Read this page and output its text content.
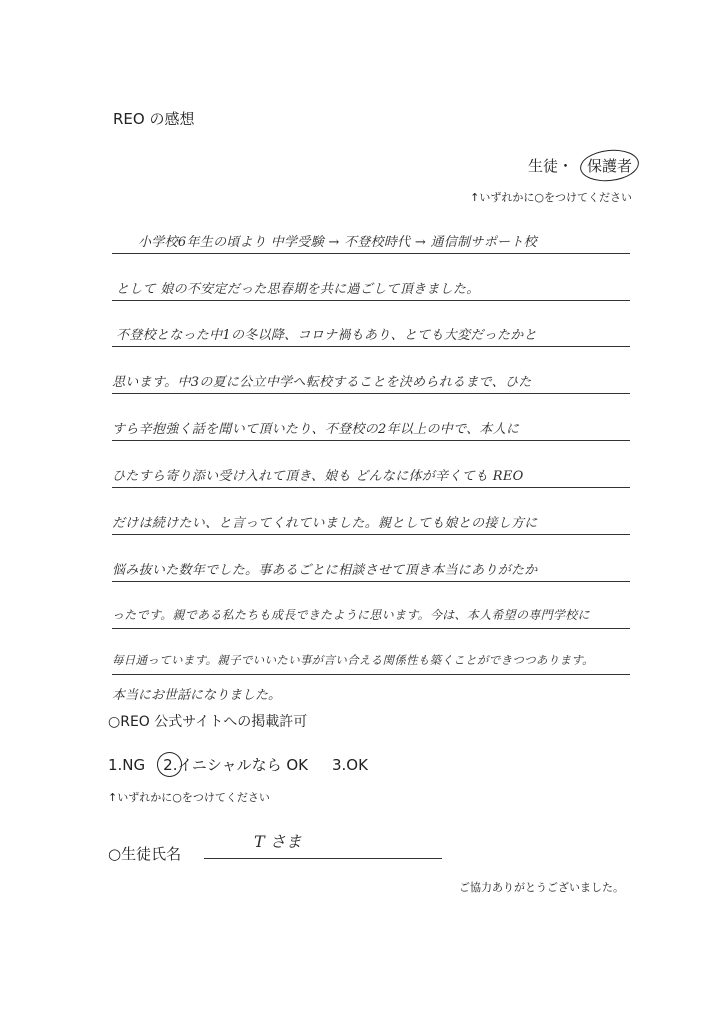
REO の感想
生徒・ 保護者
↑いずれかに○をつけてください
小学校6年生の頃より 中学受験 → 不登校時代 → 通信制サポート校
として 娘の不安定だった思春期を共に過ごして頂きました。
不登校となった中1の冬以降、コロナ禍もあり、とても大変だったかと
思います。中3の夏に公立中学へ転校することを決められるまで、ひた
すら辛抱強く話を聞いて頂いたり、不登校の2年以上の中で、本人に
ひたすら寄り添い受け入れて頂き、娘も どんなに体が辛くても REO
だけは続けたい、と言ってくれていました。親としても娘との接し方に
悩み抜いた数年でした。事あるごとに相談させて頂き本当にありがたか
ったです。親である私たちも成長できたように思います。今は、本人希望の専門学校に
毎日通っています。親子でいいたい事が言い合える関係性も築くことができつつあります。
本当にお世話になりました。
○REO 公式サイトへの掲載許可
1.NG 2.イニシャルなら OK 3.OK
↑いずれかに○をつけてください
○生徒氏名
T さま
ご協力ありがとうございました。
